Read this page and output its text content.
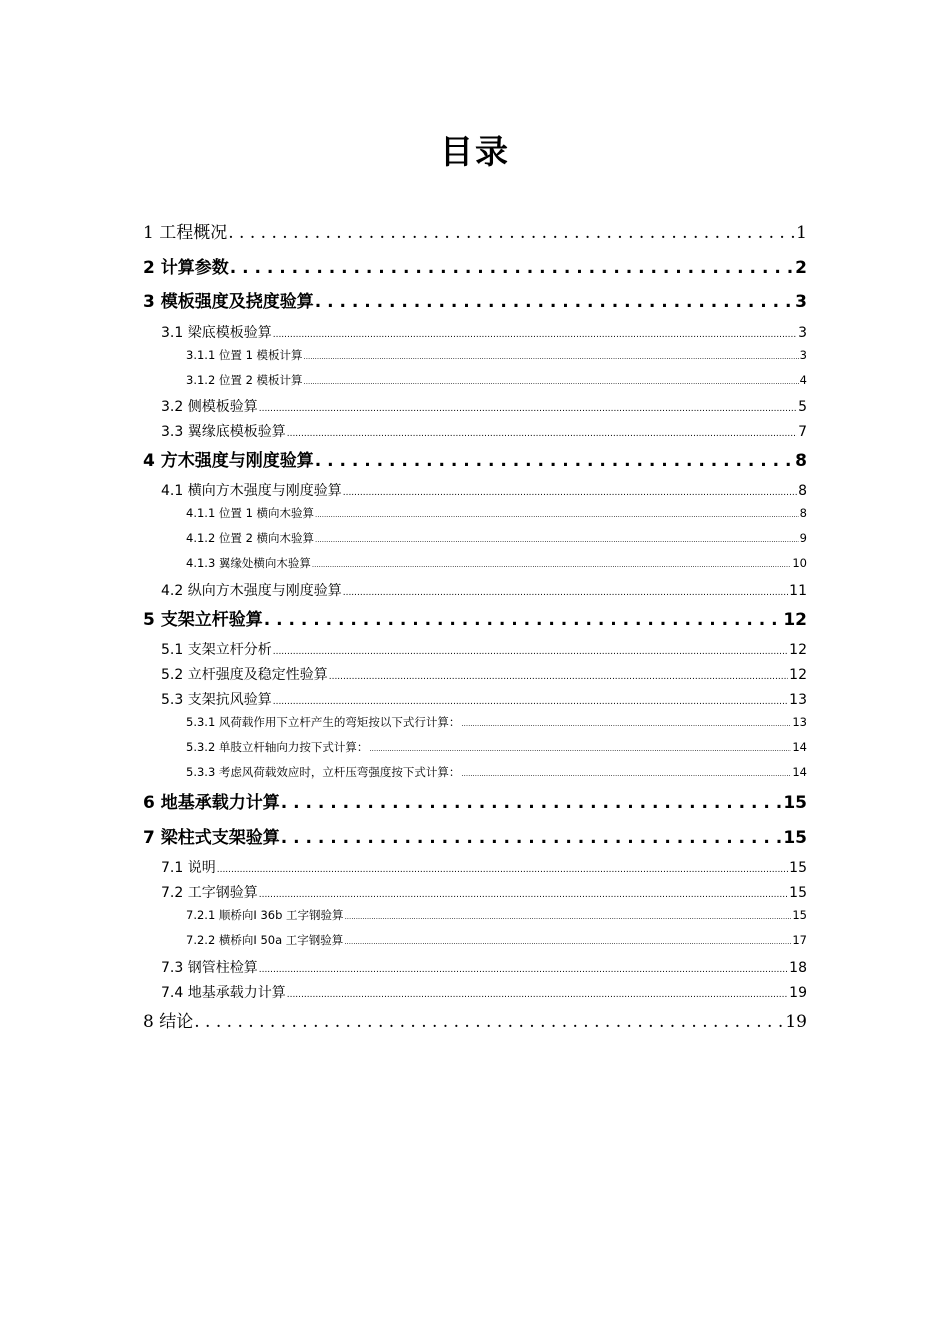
目录
1 工程概况 . . .	1
2 计算参数 . . .	2
3 模板强度及挠度验算 . . .	3
3.1 梁底模板验算 .....	3
3.1.1 位置 1 模板计算 .....	3
3.1.2 位置 2 模板计算 .....	4
3.2 侧模板验算 .....	5
3.3 翼缘底模板验算 .....	7
4 方木强度与刚度验算 . . .	8
4.1 横向方木强度与刚度验算 .....	8
4.1.1 位置 1 横向木验算 .....	8
4.1.2 位置 2 横向木验算 .....	9
4.1.3 翼缘处横向木验算 .....	10
4.2 纵向方木强度与刚度验算 .....	11
5 支架立杆验算 . . .	12
5.1 支架立杆分析 .....	12
5.2 立杆强度及稳定性验算 .....	12
5.3 支架抗风验算 .....	13
5.3.1 风荷载作用下立杆产生的弯矩按以下式行计算： .....	13
5.3.2 单肢立杆轴向力按下式计算： .....	14
5.3.3 考虑风荷载效应时，立杆压弯强度按下式计算： .....	14
6 地基承载力计算 . . .	15
7 梁柱式支架验算 . . .	15
7.1 说明 .....	15
7.2 工字钢验算 .....	15
7.2.1 顺桥向Ⅰ 36b 工字钢验算 .....	15
7.2.2 横桥向Ⅰ 50a 工字钢验算 .....	17
7.3 钢管柱检算 .....	18
7.4 地基承载力计算 .....	19
8 结论 . . .	19
